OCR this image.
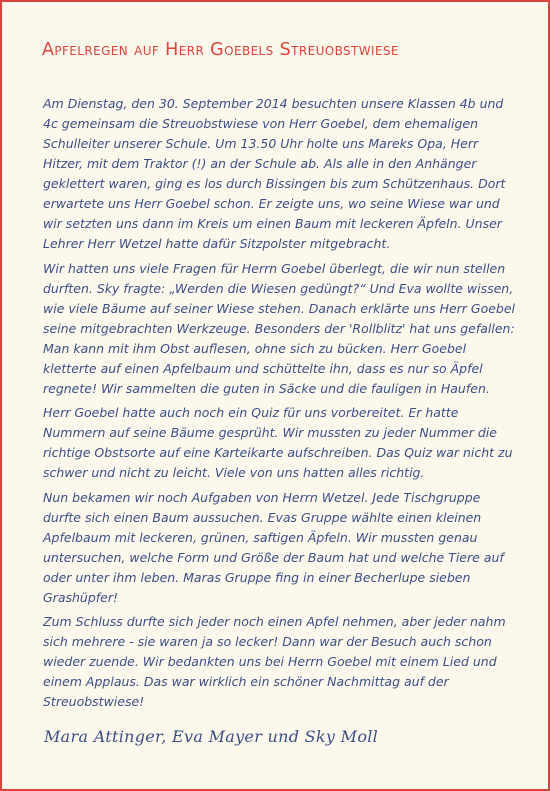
Apfelregen auf Herr Goebels Streuobstwiese

Am Dienstag, den 30. September 2014 besuchten unsere Klassen 4b und 4c gemeinsam die Streuobstwiese von Herr Goebel, dem ehemaligen Schulleiter unserer Schule. Um 13.50 Uhr holte uns Mareks Opa, Herr Hitzer, mit dem Traktor (!) an der Schule ab. Als alle in den Anhänger geklettert waren, ging es los durch Bissingen bis zum Schützenhaus. Dort erwartete uns Herr Goebel schon. Er zeigte uns, wo seine Wiese war und wir setzten uns dann im Kreis um einen Baum mit leckeren Äpfeln. Unser Lehrer Herr Wetzel hatte dafür Sitzpolster mitgebracht.

Wir hatten uns viele Fragen für Herrn Goebel überlegt, die wir nun stellen durften. Sky fragte: „Werden die Wiesen gedüngt?“ Und Eva wollte wissen, wie viele Bäume auf seiner Wiese stehen. Danach erklärte uns Herr Goebel seine mitgebrachten Werkzeuge. Besonders der 'Rollblitz' hat uns gefallen: Man kann mit ihm Obst auflesen, ohne sich zu bücken. Herr Goebel kletterte auf einen Apfelbaum und schüttelte ihn, dass es nur so Äpfel regnete! Wir sammelten die guten in Säcke und die fauligen in Haufen.

Herr Goebel hatte auch noch ein Quiz für uns vorbereitet. Er hatte Nummern auf seine Bäume gesprüht. Wir mussten zu jeder Nummer die richtige Obstsorte auf eine Karteikarte aufschreiben. Das Quiz war nicht zu schwer und nicht zu leicht. Viele von uns hatten alles richtig.

Nun bekamen wir noch Aufgaben von Herrn Wetzel. Jede Tischgruppe durfte sich einen Baum aussuchen. Evas Gruppe wählte einen kleinen Apfelbaum mit leckeren, grünen, saftigen Äpfeln. Wir mussten genau untersuchen, welche Form und Größe der Baum hat und welche Tiere auf oder unter ihm leben. Maras Gruppe fing in einer Becherlupe sieben Grashüpfer!

Zum Schluss durfte sich jeder noch einen Apfel nehmen, aber jeder nahm sich mehrere - sie waren ja so lecker! Dann war der Besuch auch schon wieder zuende. Wir bedankten uns bei Herrn Goebel mit einem Lied und einem Applaus. Das war wirklich ein schöner Nachmittag auf der Streuobstwiese!

Mara Attinger, Eva Mayer und Sky Moll
